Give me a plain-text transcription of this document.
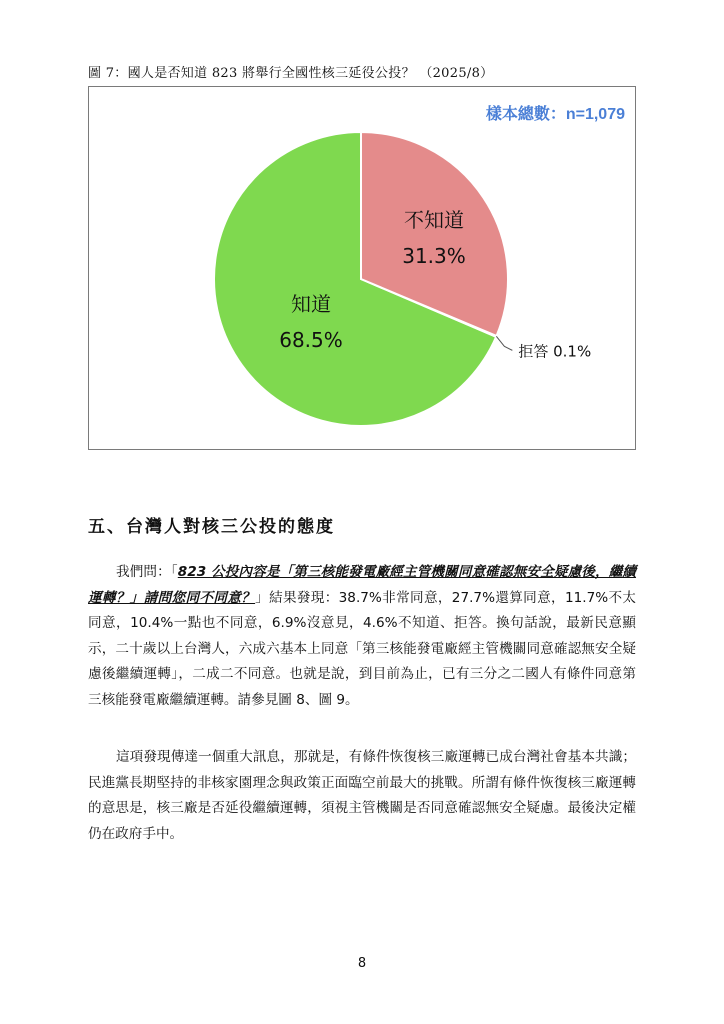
圖 7：國人是否知道 823 將舉行全國性核三延役公投？ （2025/8）
樣本總數：n=1,079
不知道
31.3%
知道
68.5%	拒答 0.1%
五、台灣人對核三公投的態度

我們問：「823 公投內容是「第三核能發電廠經主管機關同意確認無安全疑慮後，繼續運轉？」請問您同不同意？」結果發現：38.7%非常同意，27.7%還算同意，11.7%不太同意，10.4%一點也不同意，6.9%沒意見，4.6%不知道、拒答。換句話說，最新民意顯示，二十歲以上台灣人，六成六基本上同意「第三核能發電廠經主管機關同意確認無安全疑慮後繼續運轉」，二成二不同意。也就是說，到目前為止，已有三分之二國人有條件同意第三核能發電廠繼續運轉。請參見圖 8、圖 9。

這項發現傳達一個重大訊息，那就是，有條件恢復核三廠運轉已成台灣社會基本共識；民進黨長期堅持的非核家園理念與政策正面臨空前最大的挑戰。所謂有條件恢復核三廠運轉的意思是，核三廠是否延役繼續運轉，須視主管機關是否同意確認無安全疑慮。最後決定權仍在政府手中。

8
